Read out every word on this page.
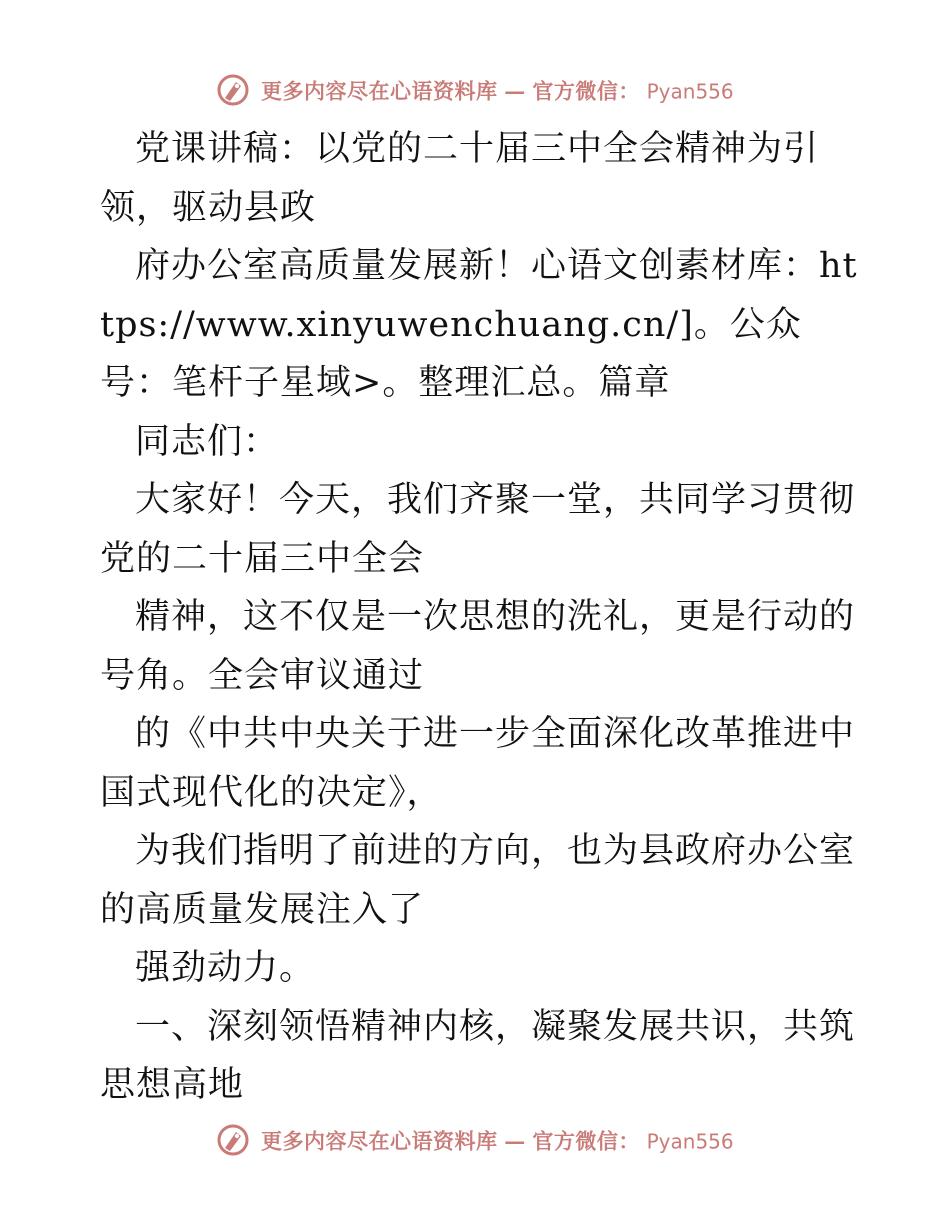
更多内容尽在心语资料库 — 官方微信： Pyan556

党课讲稿：以党的二十届三中全会精神为引领，驱动县政

府办公室高质量发展新！心语文创素材库：https://www.xinyuwenchuang.cn/]。公众号：笔杆子星域>。整理汇总。篇章

同志们：

大家好！今天，我们齐聚一堂，共同学习贯彻党的二十届三中全会

精神，这不仅是一次思想的洗礼，更是行动的号角。全会审议通过

的《中共中央关于进一步全面深化改革推进中国式现代化的决定》，

为我们指明了前进的方向，也为县政府办公室的高质量发展注入了

强劲动力。

一、深刻领悟精神内核，凝聚发展共识，共筑思想高地

更多内容尽在心语资料库 — 官方微信： Pyan556
